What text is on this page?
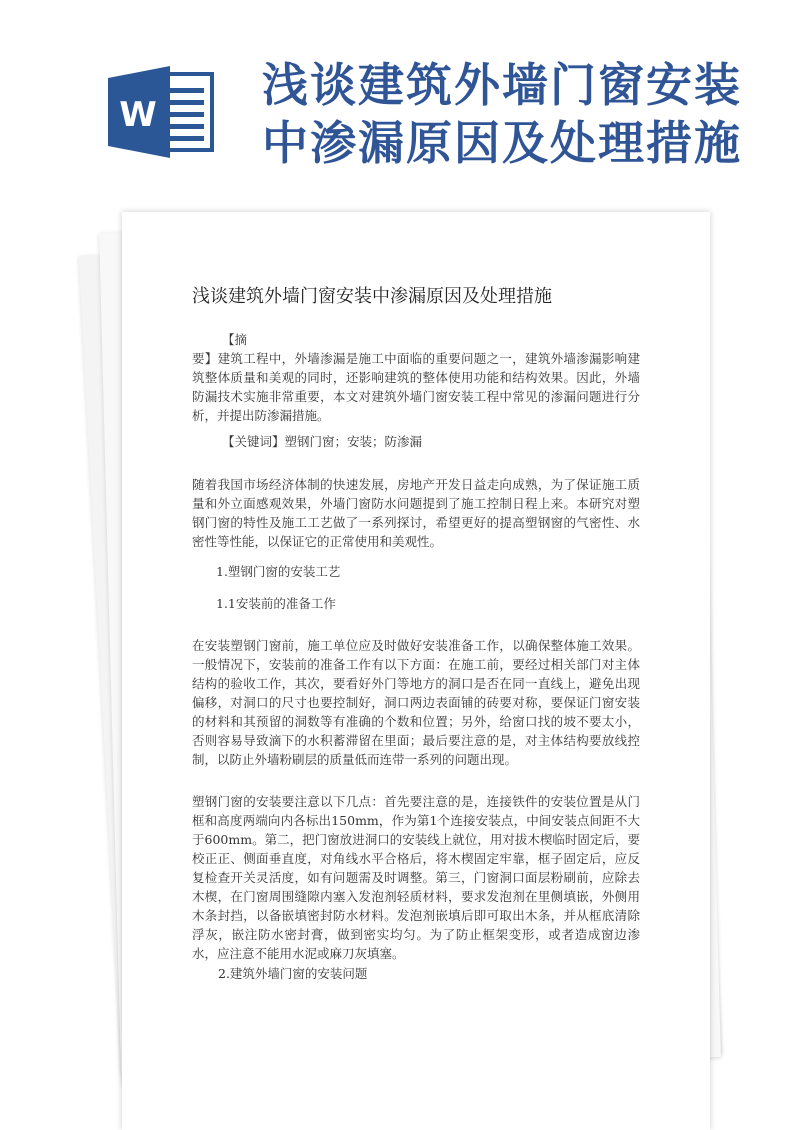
W
浅谈建筑外墙门窗安装
中渗漏原因及处理措施
浅谈建筑外墙门窗安装中渗漏原因及处理措施
【摘
要】建筑工程中，外墙渗漏是施工中面临的重要问题之一，建筑外墙渗漏影响建筑整体质量和美观的同时，还影响建筑的整体使用功能和结构效果。因此，外墙防漏技术实施非常重要，本文对建筑外墙门窗安装工程中常见的渗漏问题进行分析，并提出防渗漏措施。
【关键词】塑钢门窗；安装；防渗漏
随着我国市场经济体制的快速发展，房地产开发日益走向成熟，为了保证施工质量和外立面感观效果，外墙门窗防水问题提到了施工控制日程上来。本研究对塑钢门窗的特性及施工工艺做了一系列探讨，希望更好的提高塑钢窗的气密性、水密性等性能，以保证它的正常使用和美观性。
1.塑钢门窗的安装工艺
1.1安装前的准备工作
在安装塑钢门窗前，施工单位应及时做好安装准备工作，以确保整体施工效果。一般情况下，安装前的准备工作有以下方面：在施工前，要经过相关部门对主体结构的验收工作，其次，要看好外门等地方的洞口是否在同一直线上，避免出现偏移，对洞口的尺寸也要控制好，洞口两边表面铺的砖要对称，要保证门窗安装的材料和其预留的洞数等有准确的个数和位置；另外，给窗口找的坡不要太小，否则容易导致滴下的水积蓄滞留在里面；最后要注意的是，对主体结构要放线控制，以防止外墙粉刷层的质量低而连带一系列的问题出现。
塑钢门窗的安装要注意以下几点：首先要注意的是，连接铁件的安装位置是从门框和高度两端向内各标出150mm，作为第1个连接安装点，中间安装点间距不大于600mm。第二，把门窗放进洞口的安装线上就位，用对拔木楔临时固定后，要校正正、侧面垂直度，对角线水平合格后，将木楔固定牢靠，框子固定后，应反复检查开关灵活度，如有问题需及时调整。第三，门窗洞口面层粉刷前，应除去木楔，在门窗周围缝隙内塞入发泡剂轻质材料，要求发泡剂在里侧填嵌，外侧用木条封挡，以备嵌填密封防水材料。发泡剂嵌填后即可取出木条，并从框底清除浮灰，嵌注防水密封膏，做到密实均匀。为了防止框架变形，或者造成窗边渗水，应注意不能用水泥或麻刀灰填塞。
2.建筑外墙门窗的安装问题
